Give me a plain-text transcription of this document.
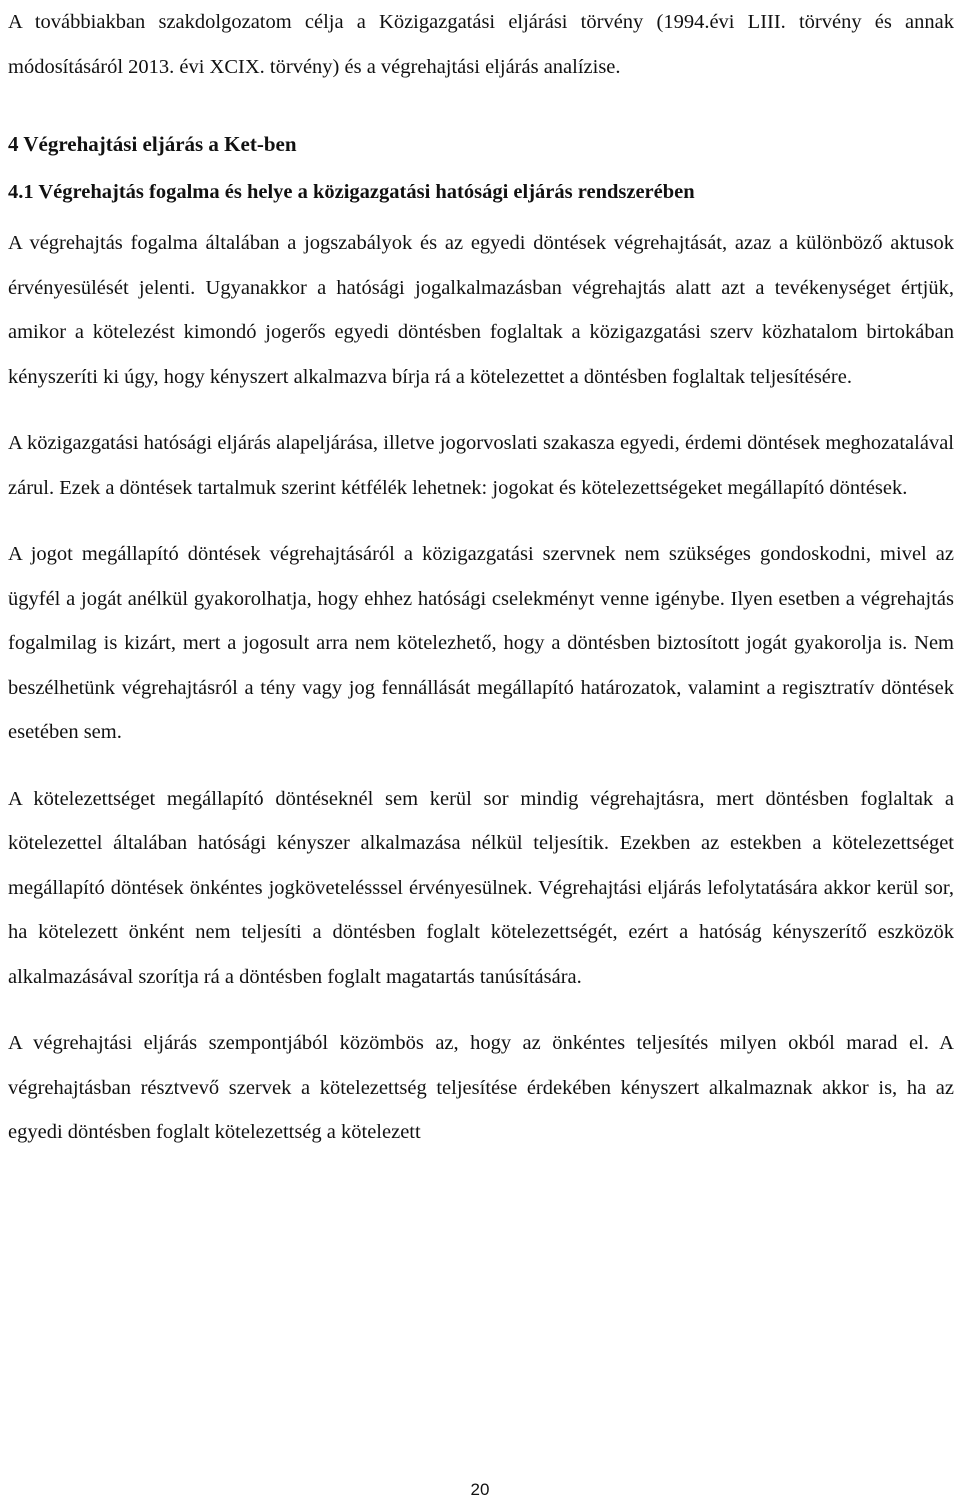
A továbbiakban szakdolgozatom célja a Közigazgatási eljárási törvény (1994.évi LIII. törvény és annak módosításáról 2013. évi XCIX. törvény) és a végrehajtási eljárás analízise.

4 Végrehajtási eljárás a Ket-ben
4.1 Végrehajtás fogalma és helye a közigazgatási hatósági eljárás rendszerében

A végrehajtás fogalma általában a jogszabályok és az egyedi döntések végrehajtását, azaz a különböző aktusok érvényesülését jelenti. Ugyanakkor a hatósági jogalkalmazásban végrehajtás alatt azt a tevékenységet értjük, amikor a kötelezést kimondó jogerős egyedi döntésben foglaltak a közigazgatási szerv közhatalom birtokában kényszeríti ki úgy, hogy kényszert alkalmazva bírja rá a kötelezettet a döntésben foglaltak teljesítésére.

A közigazgatási hatósági eljárás alapeljárása, illetve jogorvoslati szakasza egyedi, érdemi döntések meghozatalával zárul. Ezek a döntések tartalmuk szerint kétfélék lehetnek: jogokat és kötelezettségeket megállapító döntések.

A jogot megállapító döntések végrehajtásáról a közigazgatási szervnek nem szükséges gondoskodni, mivel az ügyfél a jogát anélkül gyakorolhatja, hogy ehhez hatósági cselekményt venne igénybe. Ilyen esetben a végrehajtás fogalmilag is kizárt, mert a jogosult arra nem kötelezhető, hogy a döntésben biztosított jogát gyakorolja is. Nem beszélhetünk végrehajtásról a tény vagy jog fennállását megállapító határozatok, valamint a regisztratív döntések esetében sem.

A kötelezettséget megállapító döntéseknél sem kerül sor mindig végrehajtásra, mert döntésben foglaltak a kötelezettel általában hatósági kényszer alkalmazása nélkül teljesítik. Ezekben az estekben a kötelezettséget megállapító döntések önkéntes jogkövetelésssel érvényesülnek. Végrehajtási eljárás lefolytatására akkor kerül sor, ha kötelezett önként nem teljesíti a döntésben foglalt kötelezettségét, ezért a hatóság kényszerítő eszközök alkalmazásával szorítja rá a döntésben foglalt magatartás tanúsítására.

A végrehajtási eljárás szempontjából közömbös az, hogy az önkéntes teljesítés milyen okból marad el. A végrehajtásban résztvevő szervek a kötelezettség teljesítése érdekében kényszert alkalmaznak akkor is, ha az egyedi döntésben foglalt kötelezettség a kötelezett

20
